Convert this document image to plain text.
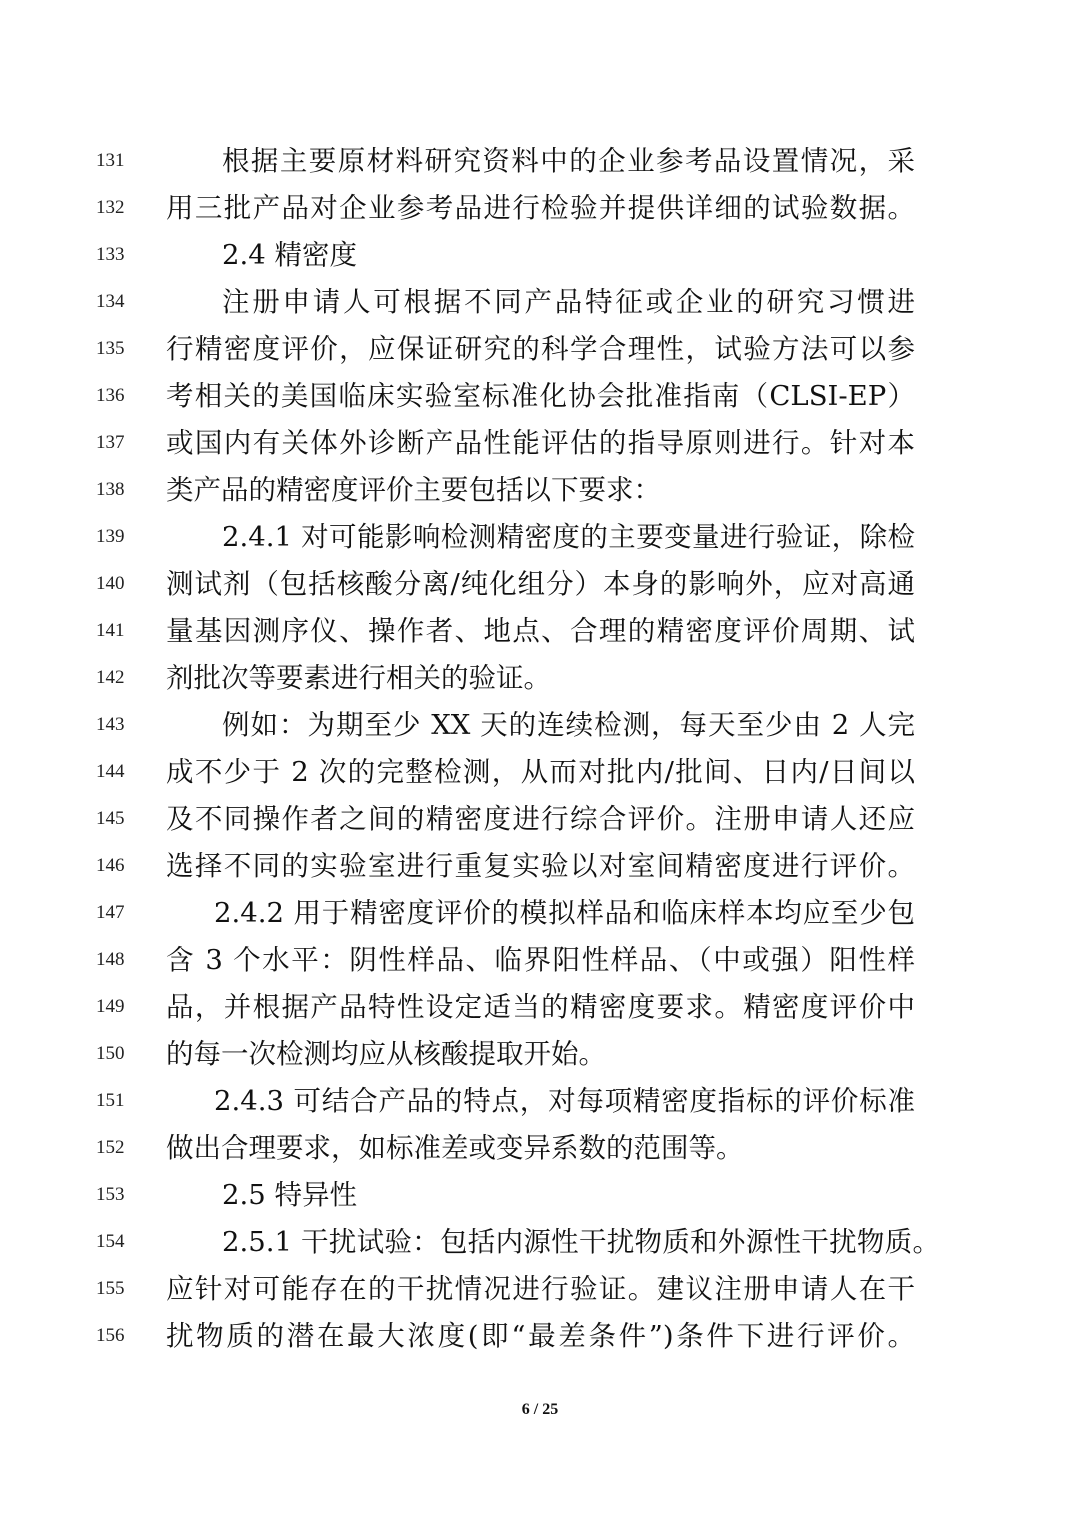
131	根据主要原材料研究资料中的企业参考品设置情况，采
132	用三批产品对企业参考品进行检验并提供详细的试验数据。
133	2.4 精密度
134	注册申请人可根据不同产品特征或企业的研究习惯进
135	行精密度评价，应保证研究的科学合理性，试验方法可以参
136	考相关的美国临床实验室标准化协会批准指南（CLSI-EP）
137	或国内有关体外诊断产品性能评估的指导原则进行。针对本
138	类产品的精密度评价主要包括以下要求：
139	2.4.1 对可能影响检测精密度的主要变量进行验证，除检
140	测试剂（包括核酸分离/纯化组分）本身的影响外，应对高通
141	量基因测序仪、操作者、地点、合理的精密度评价周期、试
142	剂批次等要素进行相关的验证。
143	例如：为期至少 XX 天的连续检测，每天至少由 2 人完
144	成不少于 2 次的完整检测，从而对批内/批间、日内/日间以
145	及不同操作者之间的精密度进行综合评价。注册申请人还应
146	选择不同的实验室进行重复实验以对室间精密度进行评价。
147	2.4.2 用于精密度评价的模拟样品和临床样本均应至少包
148	含 3 个水平：阴性样品、临界阳性样品、（中或强）阳性样
149	品，并根据产品特性设定适当的精密度要求。精密度评价中
150	的每一次检测均应从核酸提取开始。
151	2.4.3 可结合产品的特点，对每项精密度指标的评价标准
152	做出合理要求，如标准差或变异系数的范围等。
153	2.5 特异性
154	2.5.1 干扰试验：包括内源性干扰物质和外源性干扰物质。
155	应针对可能存在的干扰情况进行验证。建议注册申请人在干
156	扰物质的潜在最大浓度(即“最差条件”)条件下进行评价。
6 / 25
